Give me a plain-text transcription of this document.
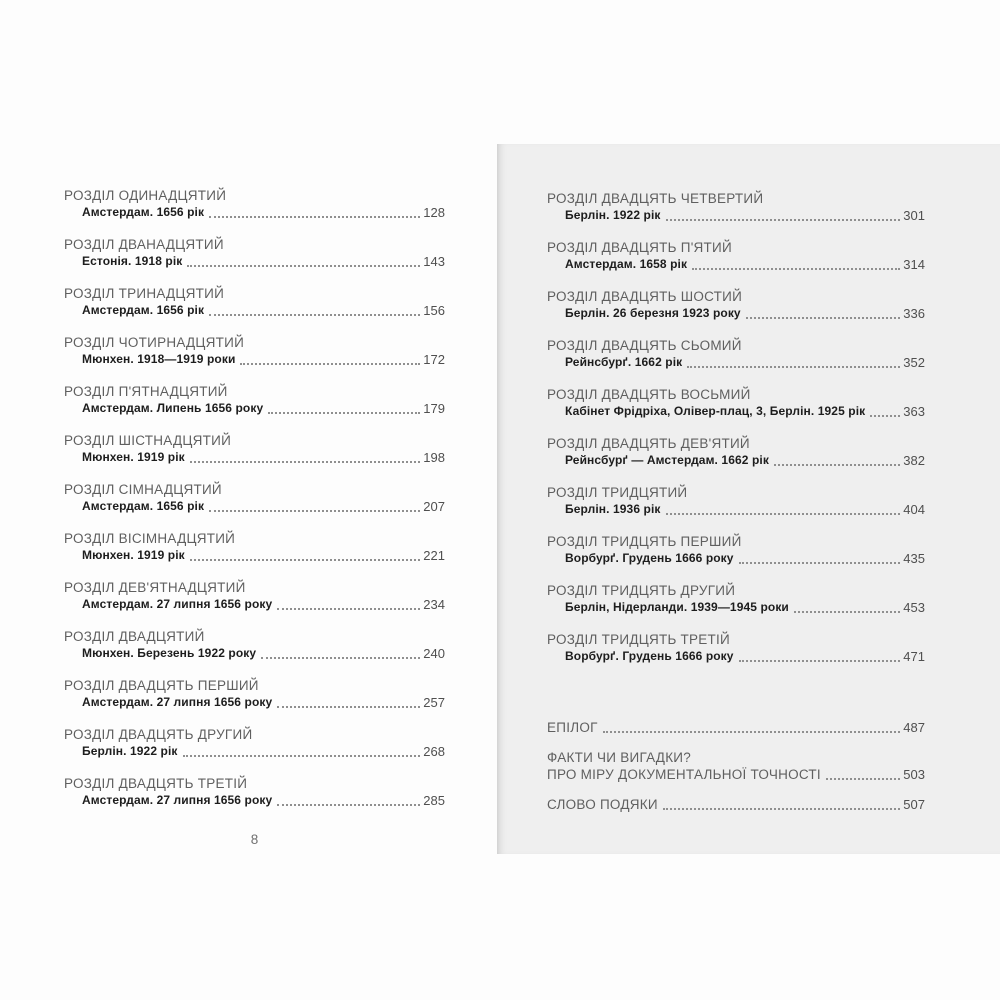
РОЗДІЛ ОДИНАДЦЯТИЙ
Амстердам. 1656 рік	128
РОЗДІЛ ДВАНАДЦЯТИЙ
Естонія. 1918 рік	143
РОЗДІЛ ТРИНАДЦЯТИЙ
Амстердам. 1656 рік	156
РОЗДІЛ ЧОТИРНАДЦЯТИЙ
Мюнхен. 1918—1919 роки	172
РОЗДІЛ П'ЯТНАДЦЯТИЙ
Амстердам. Липень 1656 року	179
РОЗДІЛ ШІСТНАДЦЯТИЙ
Мюнхен. 1919 рік	198
РОЗДІЛ СІМНАДЦЯТИЙ
Амстердам. 1656 рік	207
РОЗДІЛ ВІСІМНАДЦЯТИЙ
Мюнхен. 1919 рік	221
РОЗДІЛ ДЕВ'ЯТНАДЦЯТИЙ
Амстердам. 27 липня 1656 року	234
РОЗДІЛ ДВАДЦЯТИЙ
Мюнхен. Березень 1922 року	240
РОЗДІЛ ДВАДЦЯТЬ ПЕРШИЙ
Амстердам. 27 липня 1656 року	257
РОЗДІЛ ДВАДЦЯТЬ ДРУГИЙ
Берлін. 1922 рік	268
РОЗДІЛ ДВАДЦЯТЬ ТРЕТІЙ
Амстердам. 27 липня 1656 року	285
РОЗДІЛ ДВАДЦЯТЬ ЧЕТВЕРТИЙ
Берлін. 1922 рік	301
РОЗДІЛ ДВАДЦЯТЬ П'ЯТИЙ
Амстердам. 1658 рік	314
РОЗДІЛ ДВАДЦЯТЬ ШОСТИЙ
Берлін. 26 березня 1923 року	336
РОЗДІЛ ДВАДЦЯТЬ СЬОМИЙ
Рейнсбурґ. 1662 рік	352
РОЗДІЛ ДВАДЦЯТЬ ВОСЬМИЙ
Кабінет Фрідріха, Олівер-плац, 3, Берлін. 1925 рік	363
РОЗДІЛ ДВАДЦЯТЬ ДЕВ'ЯТИЙ
Рейнсбурґ — Амстердам. 1662 рік	382
РОЗДІЛ ТРИДЦЯТИЙ
Берлін. 1936 рік	404
РОЗДІЛ ТРИДЦЯТЬ ПЕРШИЙ
Ворбурґ. Грудень 1666 року	435
РОЗДІЛ ТРИДЦЯТЬ ДРУГИЙ
Берлін, Нідерланди. 1939—1945 роки	453
РОЗДІЛ ТРИДЦЯТЬ ТРЕТІЙ
Ворбурґ. Грудень 1666 року	471
ЕПІЛОГ	487
ФАКТИ ЧИ ВИГАДКИ?
ПРО МІРУ ДОКУМЕНТАЛЬНОЇ ТОЧНОСТІ	503
СЛОВО ПОДЯКИ	507
8
